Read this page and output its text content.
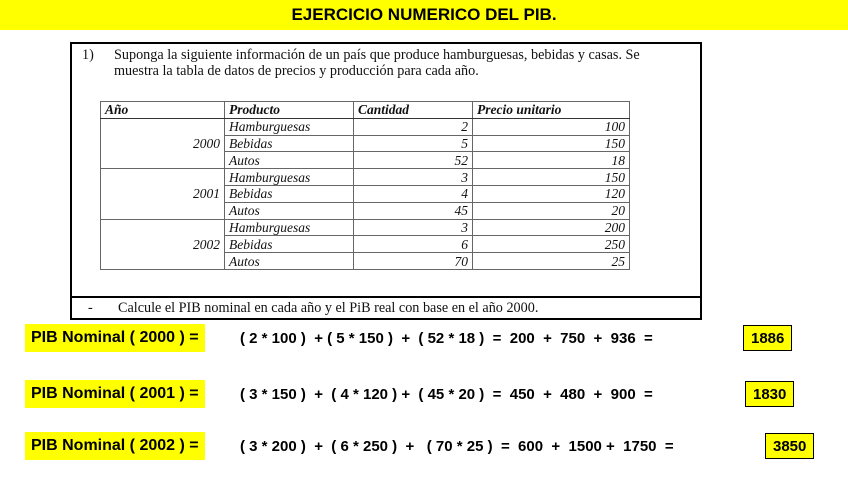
EJERCICIO NUMERICO DEL PIB.
1) Suponga la siguiente información de un país que produce hamburguesas, bebidas y casas. Se muestra la tabla de datos de precios y producción para cada año.
Año	Producto	Cantidad	Precio unitario
2000	Hamburguesas	2	100
	Bebidas	5	150
	Autos	52	18
2001	Hamburguesas	3	150
	Bebidas	4	120
	Autos	45	20
2002	Hamburguesas	3	200
	Bebidas	6	250
	Autos	70	25
- Calcule el PIB nominal en cada año y el PiB real con base en el año 2000.
PIB Nominal ( 2000 ) =	( 2 * 100 )  + ( 5 * 150 )  +  ( 52 * 18 )  =  200  +  750  +  936  =	1886
PIB Nominal ( 2001 ) =	( 3 * 150 )  +  ( 4 * 120 ) +  ( 45 * 20 )  =  450  +  480  +  900  =	1830
PIB Nominal ( 2002 ) =	( 3 * 200 )  +  ( 6 * 250 )  +   ( 70 * 25 )  =  600  +  1500 +  1750  =	3850
